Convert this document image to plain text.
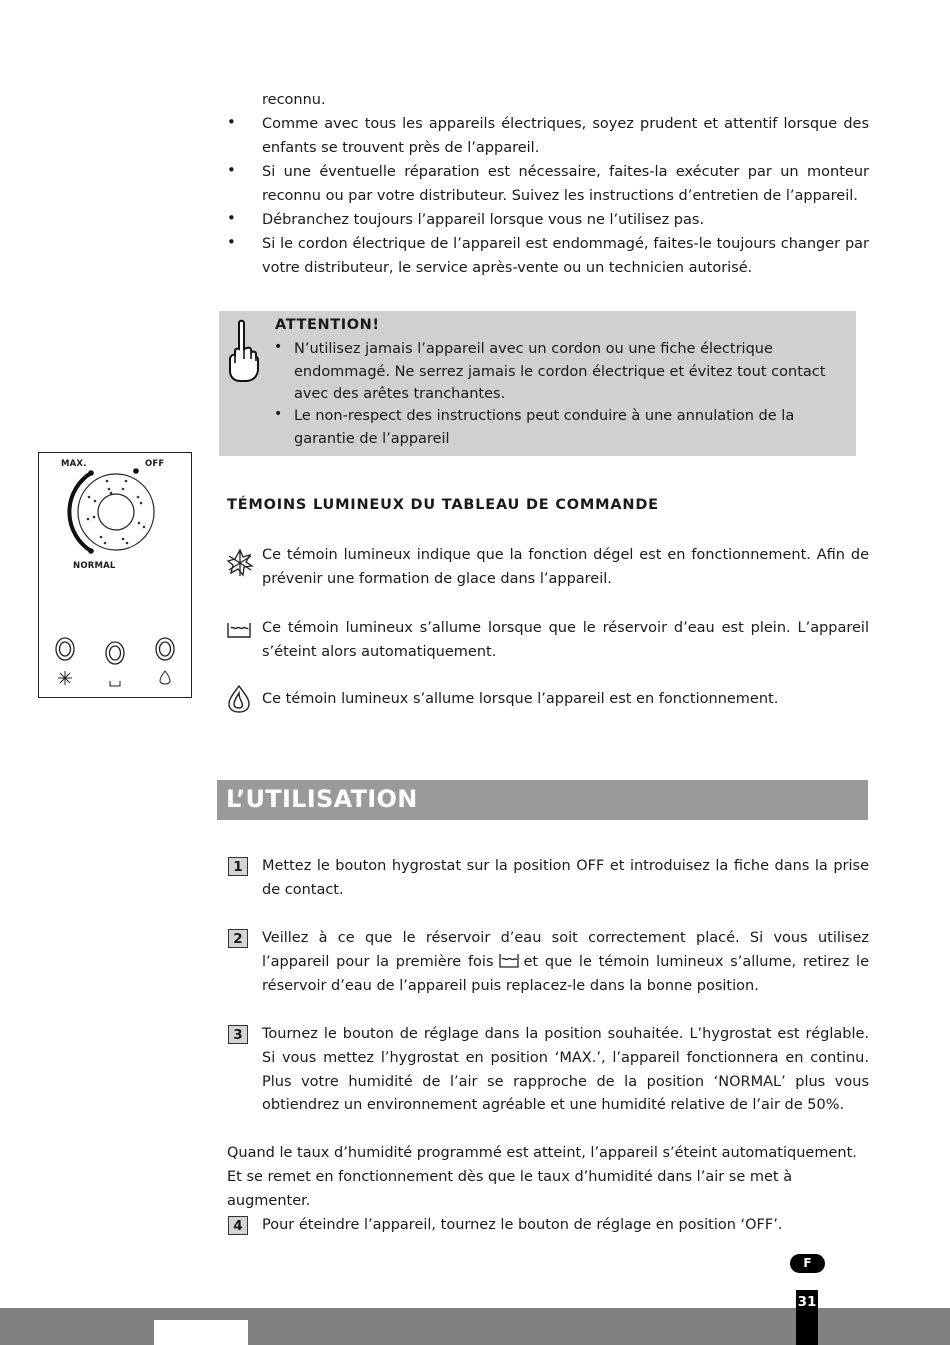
reconnu.
• Comme avec tous les appareils électriques, soyez prudent et attentif lorsque des enfants se trouvent près de l’appareil.
• Si une éventuelle réparation est nécessaire, faites-la exécuter par un monteur reconnu ou par votre distributeur. Suivez les instructions d’entretien de l’appareil.
• Débranchez toujours l’appareil lorsque vous ne l’utilisez pas.
• Si le cordon électrique de l’appareil est endommagé, faites-le toujours changer par votre distributeur, le service après-vente ou un technicien autorisé.
ATTENTION!
• N’utilisez jamais l’appareil avec un cordon ou une fiche électrique endommagé. Ne serrez jamais le cordon électrique et évitez tout contact avec des arêtes tranchantes.
• Le non-respect des instructions peut conduire à une annulation de la garantie de l’appareil
MAX.	OFF
NORMAL
TÉMOINS LUMINEUX DU TABLEAU DE COMMANDE
Ce témoin lumineux indique que la fonction dégel est en fonctionnement. Afin de prévenir une formation de glace dans l’appareil.
Ce témoin lumineux s’allume lorsque que le réservoir d’eau est plein. L’appareil s’éteint alors automatiquement.
Ce témoin lumineux s’allume lorsque l’appareil est en fonctionnement.
L’UTILISATION
1	Mettez le bouton hygrostat sur la position OFF et introduisez la fiche dans la prise de contact.
2	Veillez à ce que le réservoir d’eau soit correctement placé. Si vous utilisez l’appareil pour la première fois et que le témoin lumineux s’allume, retirez le réservoir d’eau de l’appareil puis replacez-le dans la bonne position.
3	Tournez le bouton de réglage dans la position souhaitée. L’hygrostat est réglable. Si vous mettez l’hygrostat en position ‘MAX.’, l’appareil fonctionnera en continu. Plus votre humidité de l’air se rapproche de la position ‘NORMAL’ plus vous obtiendrez un environnement agréable et une humidité relative de l’air de 50%.
Quand le taux d’humidité programmé est atteint, l’appareil s’éteint automatiquement.
Et se remet en fonctionnement dès que le taux d’humidité dans l’air se met à augmenter.
4	Pour éteindre l’appareil, tournez le bouton de réglage en position ‘OFF’.
F
31
